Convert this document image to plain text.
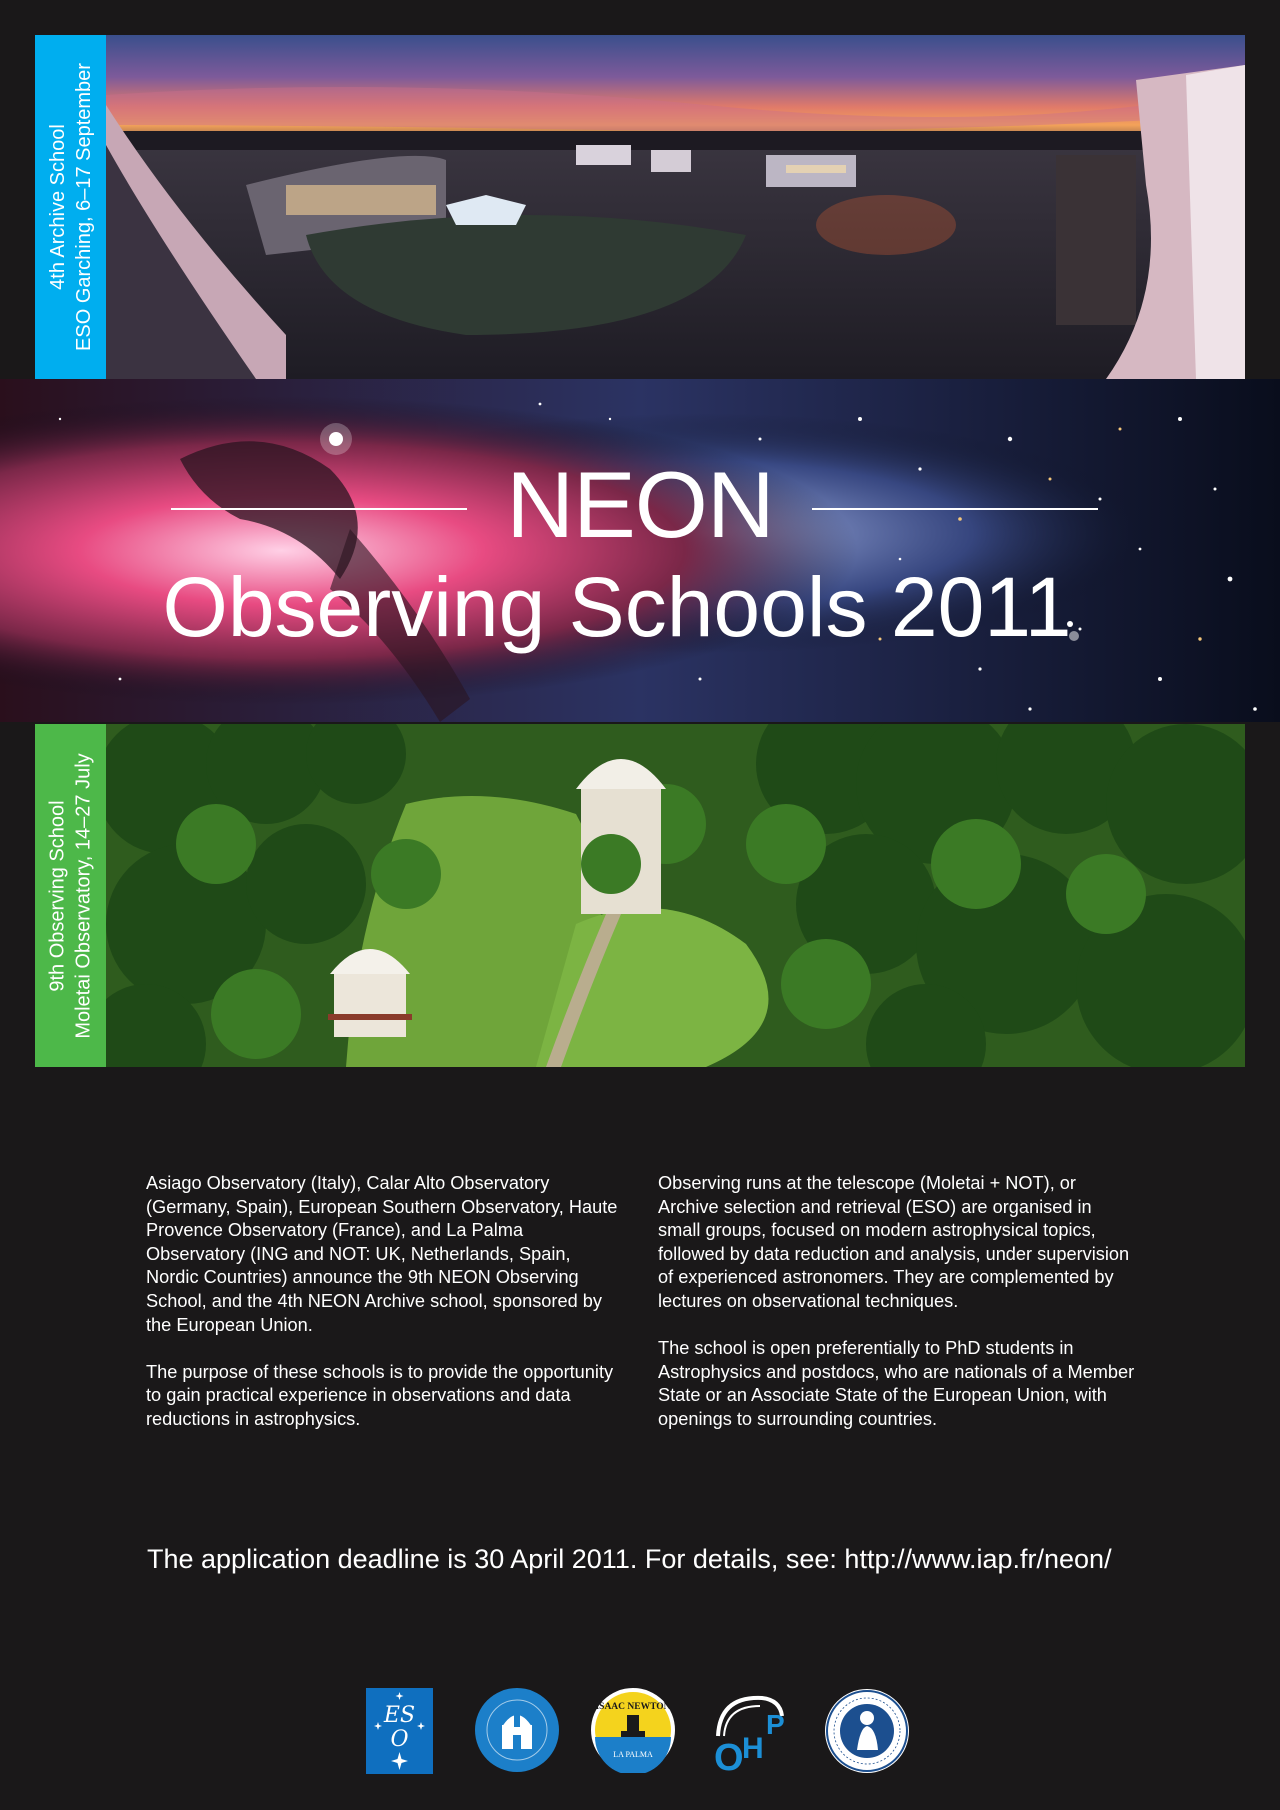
4th Archive School ESO Garching, 6–17 September
NEON
Observing Schools 2011
9th Observing School Moletai Observatory, 14–27 July

Asiago Observatory (Italy), Calar Alto Observatory (Germany, Spain), European Southern Observatory, Haute Provence Observatory (France), and La Palma Observatory (ING and NOT: UK, Netherlands, Spain, Nordic Countries) announce the 9th NEON Observing School, and the 4th NEON Archive school, sponsored by the European Union.

The purpose of these schools is to provide the opportunity to gain practical experience in observations and data reductions in astrophysics.

Observing runs at the telescope (Moletai + NOT), or Archive selection and retrieval (ESO) are organised in small groups, focused on modern astrophysical topics, followed by data reduction and analysis, under supervision of experienced astronomers. They are complemented by lectures on observational techniques.

The school is open preferentially to PhD students in Astrophysics and postdocs, who are nationals of a Member State or an Associate State of the European Union, with openings to surrounding countries.

The application deadline is 30 April 2011. For details, see: http://www.iap.fr/neon/
ES
O
ISAAC NEWTON
LA PALMA O
H
P
